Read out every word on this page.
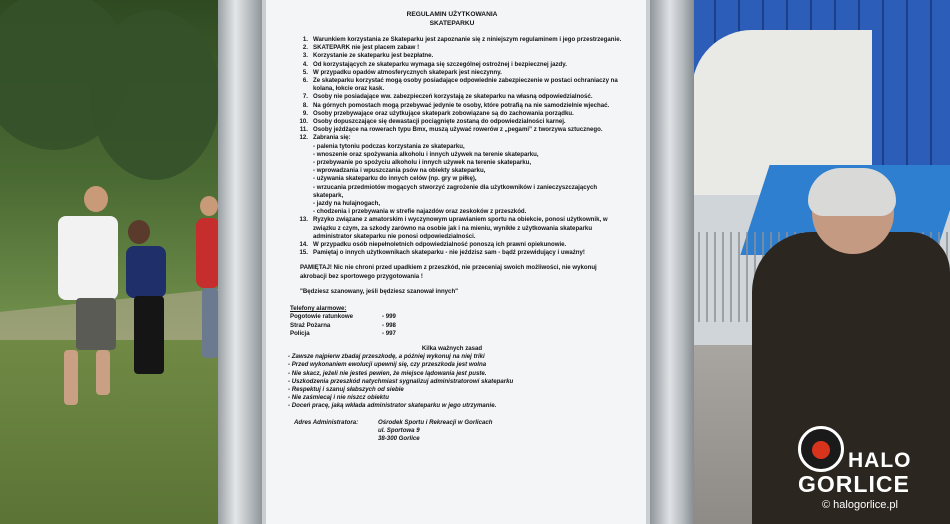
REGULAMIN UŻYTKOWANIA
SKATEPARKU
1. Warunkiem korzystania ze Skateparku jest zapoznanie się z niniejszym regulaminem i jego przestrzeganie.
2. SKATEPARK nie jest placem zabaw !
3. Korzystanie ze skateparku jest bezpłatne.
4. Od korzystających ze skateparku wymaga się szczególnej ostrożnej i bezpiecznej jazdy.
5. W przypadku opadów atmosferycznych skatepark jest nieczynny.
6. Ze skateparku korzystać mogą osoby posiadające odpowiednie zabezpieczenie w postaci ochraniaczy na kolana, łokcie oraz kask.
7. Osoby nie posiadające ww. zabezpieczeń korzystają ze skateparku na własną odpowiedzialność.
8. Na górnych pomostach mogą przebywać jedynie te osoby, które potrafią na nie samodzielnie wjechać.
9. Osoby przebywające oraz użytkujące skatepark zobowiązane są do zachowania porządku.
10. Osoby dopuszczające się dewastacji pociągnięte zostaną do odpowiedzialności karnej.
11. Osoby jeżdżące na rowerach typu Bmx, muszą używać rowerów z „pegami” z tworzywa sztucznego.
12. Zabrania się:
- palenia tytoniu podczas korzystania ze skateparku,
- wnoszenie oraz spożywania alkoholu i innych używek na terenie skateparku,
- przebywanie po spożyciu alkoholu i innych używek na terenie skateparku,
- wprowadzania i wpuszczania psów na obiekty skateparku,
- używania skateparku do innych celów (np. gry w piłkę),
- wrzucania przedmiotów mogących stworzyć zagrożenie dla użytkowników i zanieczyszczających skatepark,
- jazdy na hulajnogach,
- chodzenia i przebywania w strefie najazdów oraz zeskoków z przeszkód.
13. Ryzyko związane z amatorskim i wyczynowym uprawianiem sportu na obiekcie, ponosi użytkownik, w związku z czym, za szkody zarówno na osobie jak i na mieniu, wynikłe z użytkowania skateparku administrator skateparku nie ponosi odpowiedzialności.
14. W przypadku osób niepełnoletnich odpowiedzialność ponoszą ich prawni opiekunowie.
15. Pamiętaj o innych użytkownikach skateparku - nie jeździsz sam - bądź przewidujący i uważny!
PAMIĘTAJ! Nic nie chroni przed upadkiem z przeszkód, nie przeceniaj swoich możliwości, nie wykonuj akrobacji bez sportowego przygotowania !
"Będziesz szanowany, jeśli będziesz szanował innych"
Telefony alarmowe:
Pogotowie ratunkowe	- 999
Straż Pożarna	- 998
Policja	- 997
Kilka ważnych zasad
- Zawsze najpierw zbadaj przeszkodę, a później wykonuj na niej triki
- Przed wykonaniem ewolucji upewnij się, czy przeszkoda jest wolna
- Nie skacz, jeżeli nie jesteś pewien, że miejsce lądowania jest puste.
- Uszkodzenia przeszkód natychmiast sygnalizuj administratorowi skateparku
- Respektuj i szanuj słabszych od siebie
- Nie zaśmiecaj i nie niszcz obiektu
- Doceń pracę, jaką wkłada administrator skateparku w jego utrzymanie.
Adres Administratora:	Ośrodek Sportu i Rekreacji w Gorlicach
ul. Sportowa 9
38-300 Gorlice
HALO
GORLICE
© halogorlice.pl
